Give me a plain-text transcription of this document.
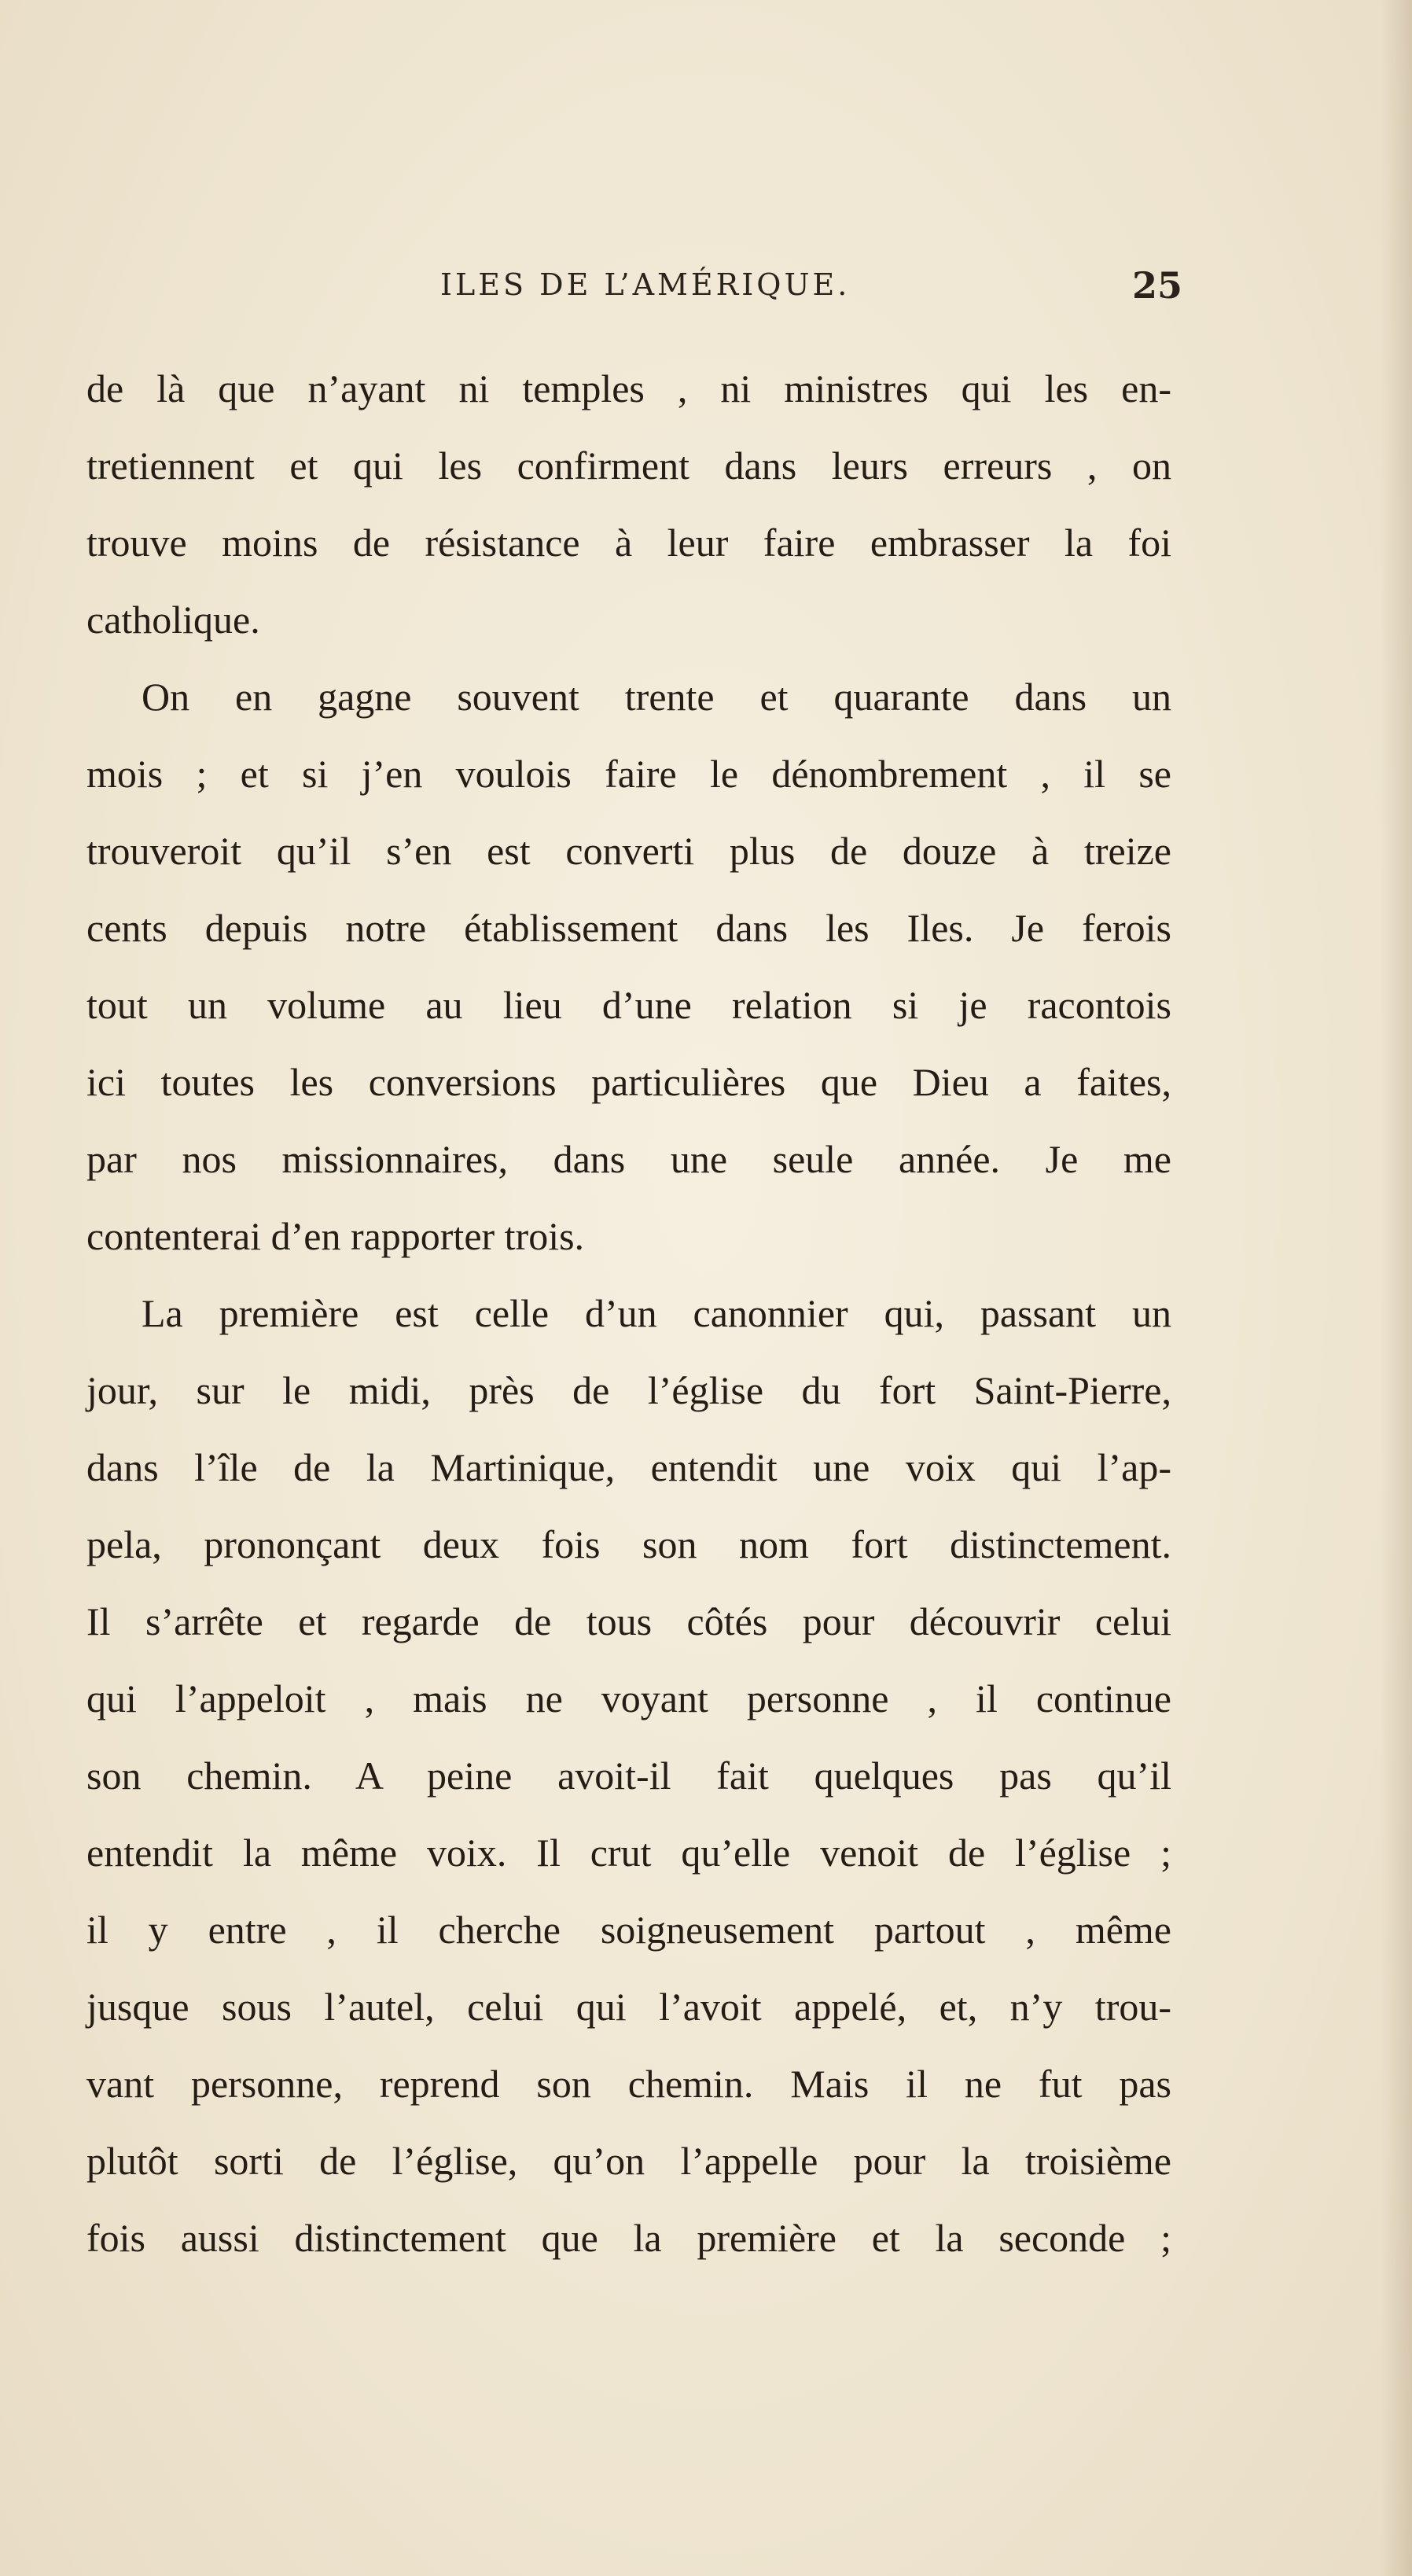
ILES DE L’AMÉRIQUE.	25
de là que n’ayant ni temples , ni ministres qui les en-
tretiennent et qui les confirment dans leurs erreurs , on
trouve moins de résistance à leur faire embrasser la foi
catholique.
On en gagne souvent trente et quarante dans un
mois ; et si j’en voulois faire le dénombrement , il se
trouveroit qu’il s’en est converti plus de douze à treize
cents depuis notre établissement dans les Iles. Je ferois
tout un volume au lieu d’une relation si je racontois
ici toutes les conversions particulières que Dieu a faites,
par nos missionnaires, dans une seule année. Je me
contenterai d’en rapporter trois.
La première est celle d’un canonnier qui, passant un
jour, sur le midi, près de l’église du fort Saint-Pierre,
dans l’île de la Martinique, entendit une voix qui l’ap-
pela, prononçant deux fois son nom fort distinctement.
Il s’arrête et regarde de tous côtés pour découvrir celui
qui l’appeloit , mais ne voyant personne , il continue
son chemin. A peine avoit-il fait quelques pas qu’il
entendit la même voix. Il crut qu’elle venoit de l’église ;
il y entre , il cherche soigneusement partout , même
jusque sous l’autel, celui qui l’avoit appelé, et, n’y trou-
vant personne, reprend son chemin. Mais il ne fut pas
plutôt sorti de l’église, qu’on l’appelle pour la troisième
fois aussi distinctement que la première et la seconde ;
